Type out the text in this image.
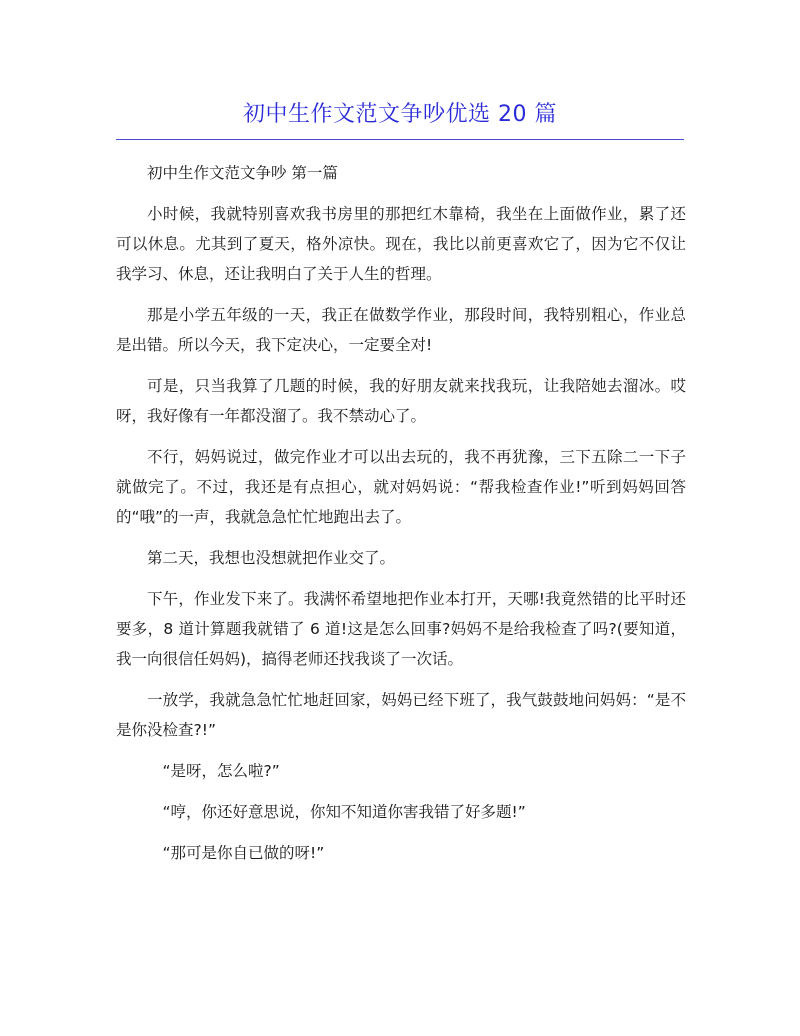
初中生作文范文争吵优选 20 篇

初中生作文范文争吵 第一篇

小时候，我就特别喜欢我书房里的那把红木靠椅，我坐在上面做作业，累了还可以休息。尤其到了夏天，格外凉快。现在，我比以前更喜欢它了，因为它不仅让我学习、休息，还让我明白了关于人生的哲理。

那是小学五年级的一天，我正在做数学作业，那段时间，我特别粗心，作业总是出错。所以今天，我下定决心，一定要全对!

可是，只当我算了几题的时候，我的好朋友就来找我玩，让我陪她去溜冰。哎呀，我好像有一年都没溜了。我不禁动心了。

不行，妈妈说过，做完作业才可以出去玩的，我不再犹豫，三下五除二一下子就做完了。不过，我还是有点担心，就对妈妈说：“帮我检查作业!”听到妈妈回答的“哦”的一声，我就急急忙忙地跑出去了。

第二天，我想也没想就把作业交了。

下午，作业发下来了。我满怀希望地把作业本打开，天哪!我竟然错的比平时还要多，8 道计算题我就错了 6 道!这是怎么回事?妈妈不是给我检查了吗?(要知道，我一向很信任妈妈)，搞得老师还找我谈了一次话。

一放学，我就急急忙忙地赶回家，妈妈已经下班了，我气鼓鼓地问妈妈：“是不是你没检查?!”

“是呀，怎么啦?”

“哼，你还好意思说，你知不知道你害我错了好多题!”

“那可是你自已做的呀!”
